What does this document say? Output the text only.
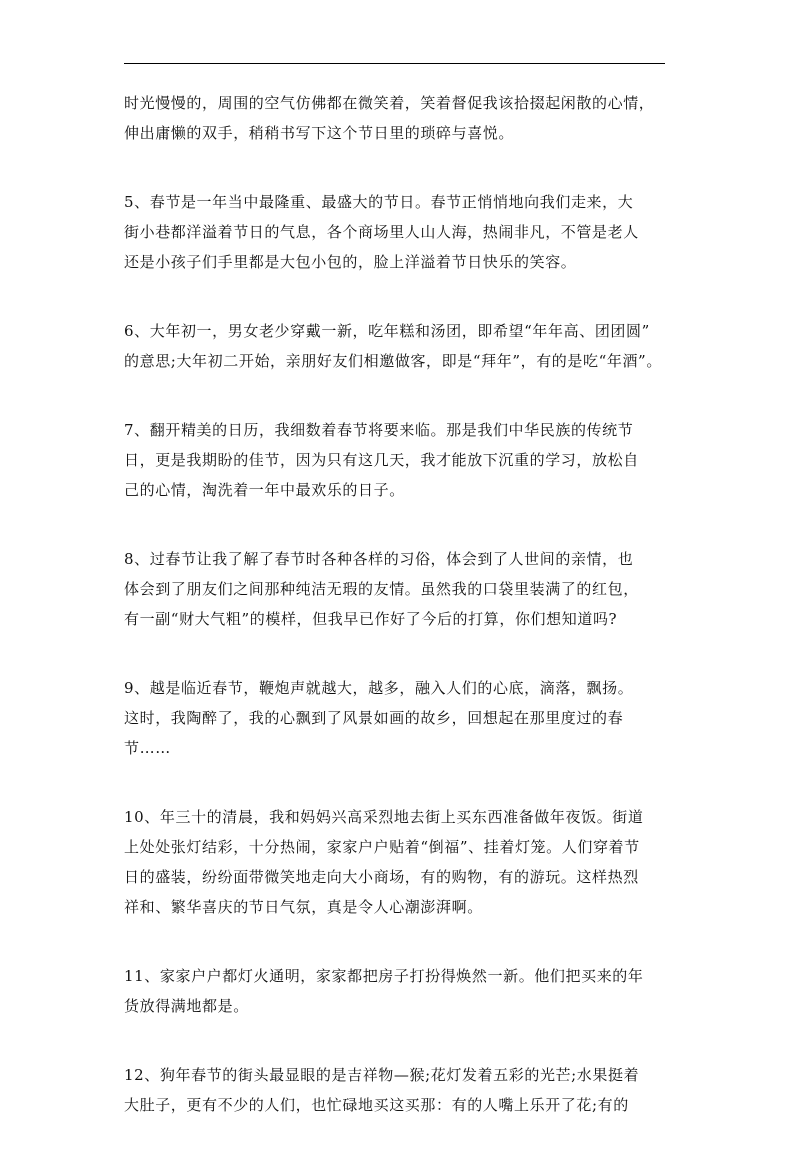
时光慢慢的，周围的空气仿佛都在微笑着，笑着督促我该拾掇起闲散的心情，
伸出庸懒的双手，稍稍书写下这个节日里的琐碎与喜悦。

5、春节是一年当中最隆重、最盛大的节日。春节正悄悄地向我们走来，大
街小巷都洋溢着节日的气息，各个商场里人山人海，热闹非凡，不管是老人
还是小孩子们手里都是大包小包的，脸上洋溢着节日快乐的笑容。

6、大年初一，男女老少穿戴一新，吃年糕和汤团，即希望“年年高、团团圆”
的意思;大年初二开始，亲朋好友们相邀做客，即是“拜年”，有的是吃“年酒”。

7、翻开精美的日历，我细数着春节将要来临。那是我们中华民族的传统节
日，更是我期盼的佳节，因为只有这几天，我才能放下沉重的学习，放松自
己的心情，淘洗着一年中最欢乐的日子。

8、过春节让我了解了春节时各种各样的习俗，体会到了人世间的亲情，也
体会到了朋友们之间那种纯洁无瑕的友情。虽然我的口袋里装满了的红包，
有一副“财大气粗”的模样，但我早已作好了今后的打算，你们想知道吗?

9、越是临近春节，鞭炮声就越大，越多，融入人们的心底，滴落，飘扬。
这时，我陶醉了，我的心飘到了风景如画的故乡，回想起在那里度过的春
节……

10、年三十的清晨，我和妈妈兴高采烈地去街上买东西准备做年夜饭。街道
上处处张灯结彩，十分热闹，家家户户贴着“倒福”、挂着灯笼。人们穿着节
日的盛装，纷纷面带微笑地走向大小商场，有的购物，有的游玩。这样热烈
祥和、繁华喜庆的节日气氛，真是令人心潮澎湃啊。

11、家家户户都灯火通明，家家都把房子打扮得焕然一新。他们把买来的年
货放得满地都是。

12、狗年春节的街头最显眼的是吉祥物—猴;花灯发着五彩的光芒;水果挺着
大肚子，更有不少的人们，也忙碌地买这买那：有的人嘴上乐开了花;有的
